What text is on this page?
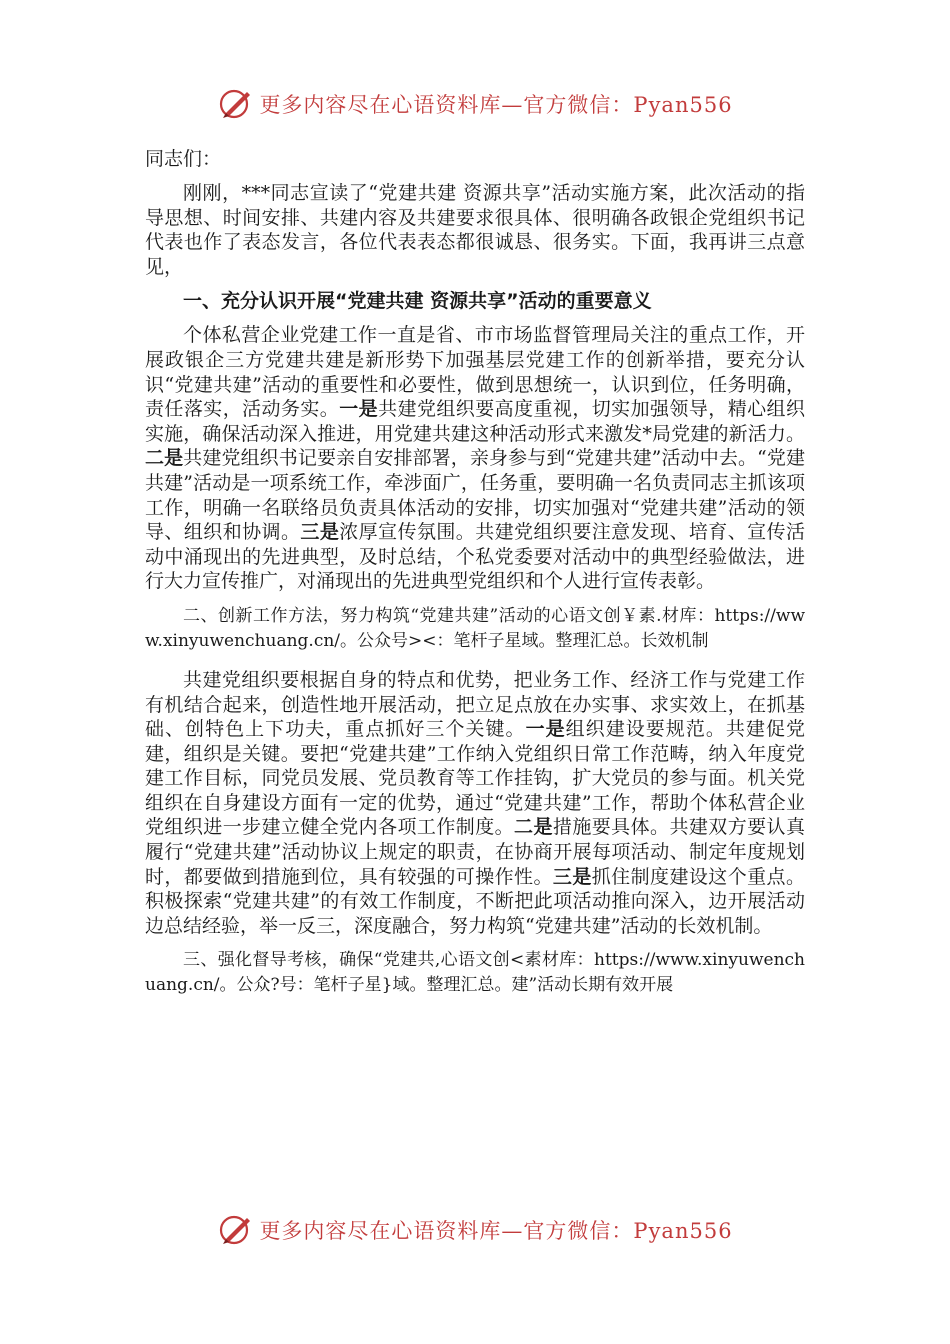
更多内容尽在心语资料库—官方微信：Pyan556

同志们：

刚刚，***同志宣读了“党建共建 资源共享”活动实施方案，此次活动的指导思想、时间安排、共建内容及共建要求很具体、很明确各政银企党组织书记代表也作了表态发言，各位代表表态都很诚恳、很务实。下面，我再讲三点意见，

一、充分认识开展“党建共建 资源共享”活动的重要意义

个体私营企业党建工作一直是省、市市场监督管理局关注的重点工作，开展政银企三方党建共建是新形势下加强基层党建工作的创新举措，要充分认识“党建共建”活动的重要性和必要性，做到思想统一，认识到位，任务明确，责任落实，活动务实。一是共建党组织要高度重视，切实加强领导，精心组织实施，确保活动深入推进，用党建共建这种活动形式来激发*局党建的新活力。二是共建党组织书记要亲自安排部署，亲身参与到“党建共建”活动中去。“党建共建”活动是一项系统工作，牵涉面广，任务重，要明确一名负责同志主抓该项工作，明确一名联络员负责具体活动的安排，切实加强对“党建共建”活动的领导、组织和协调。三是浓厚宣传氛围。共建党组织要注意发现、培育、宣传活动中涌现出的先进典型，及时总结，个私党委要对活动中的典型经验做法，进行大力宣传推广，对涌现出的先进典型党组织和个人进行宣传表彰。

二、创新工作方法，努力构筑“党建共建”活动的心语文创￥素.材库：https://www.xinyuwenchuang.cn/。公众号><：笔杆子星域。整理汇总。长效机制

共建党组织要根据自身的特点和优势，把业务工作、经济工作与党建工作有机结合起来，创造性地开展活动，把立足点放在办实事、求实效上，在抓基础、创特色上下功夫，重点抓好三个关键。一是组织建设要规范。共建促党建，组织是关键。要把“党建共建”工作纳入党组织日常工作范畴，纳入年度党建工作目标，同党员发展、党员教育等工作挂钩，扩大党员的参与面。机关党组织在自身建设方面有一定的优势，通过“党建共建”工作，帮助个体私营企业党组织进一步建立健全党内各项工作制度。二是措施要具体。共建双方要认真履行“党建共建”活动协议上规定的职责，在协商开展每项活动、制定年度规划时，都要做到措施到位，具有较强的可操作性。三是抓住制度建设这个重点。积极探索“党建共建”的有效工作制度，不断把此项活动推向深入，边开展活动边总结经验，举一反三，深度融合，努力构筑“党建共建”活动的长效机制。

三、强化督导考核，确保“党建共,心语文创<素材库：https://www.xinyuwenchuang.cn/。公众?号：笔杆子星}域。整理汇总。建”活动长期有效开展

更多内容尽在心语资料库—官方微信：Pyan556
